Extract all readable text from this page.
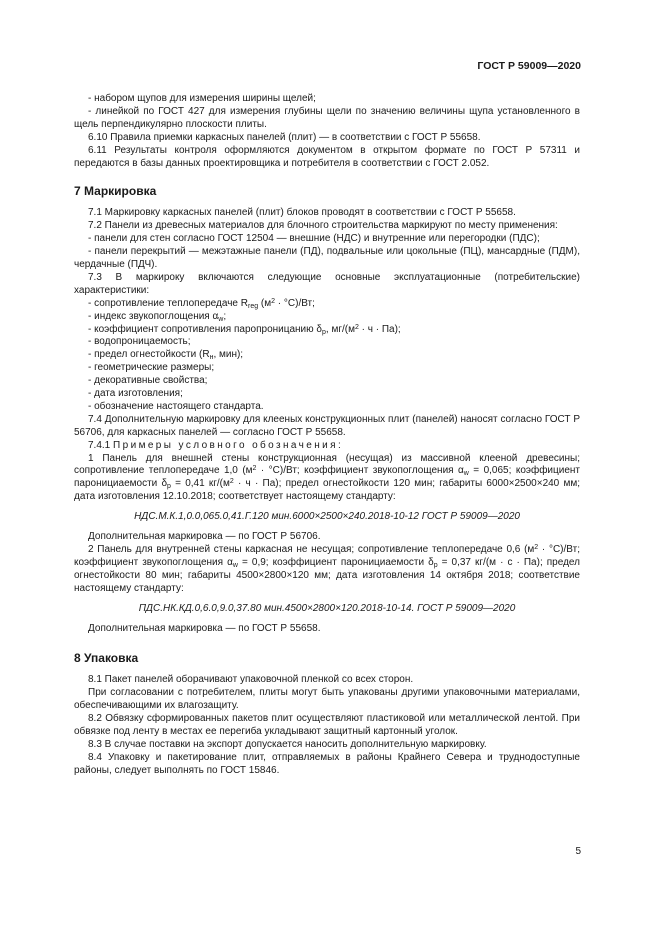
ГОСТ Р 59009—2020

- набором щупов для измерения ширины щелей;

- линейкой по ГОСТ 427 для измерения глубины щели по значению величины щупа установленного в щель перпендикулярно плоскости плиты.

6.10 Правила приемки каркасных панелей (плит) — в соответствии с ГОСТ Р 55658.

6.11 Результаты контроля оформляются документом в открытом формате по ГОСТ Р 57311 и передаются в базы данных проектировщика и потребителя в соответствии с ГОСТ 2.052.

7 Маркировка

7.1 Маркировку каркасных панелей (плит) блоков проводят в соответствии с ГОСТ Р 55658.

7.2 Панели из древесных материалов для блочного строительства маркируют по месту применения:

- панели для стен согласно ГОСТ 12504 — внешние (НДС) и внутренние или перегородки (ПДС);

- панели перекрытий — межэтажные панели (ПД), подвальные или цокольные (ПЦ), мансардные (ПДМ), чердачные (ПДЧ).

7.3 В маркироку включаются следующие основные эксплуатационные (потребительские) характеристики:

- сопротивление теплопередаче $R_{reg}$ $(м^2 \cdot ^\circ C)/Вт$;

- индекс звукопоглощения $\alpha_w$;

- коэффициент сопротивления паропроницанию $\delta_р$, $мг/(м^2 \cdot ч \cdot Па)$;

- водопроницаемость;

- предел огнестойкости ($R_н$, мин);

- геометрические размеры;

- декоративные свойства;

- дата изготовления;

- обозначение настоящего стандарта.

7.4 Дополнительную маркировку для клееных конструкционных плит (панелей) наносят согласно ГОСТ Р 56706, для каркасных панелей — согласно ГОСТ Р 55658.

7.4.1 Примеры условного обозначения:

1 Панель для внешней стены конструкционная (несущая) из массивной клееной древесины; сопротивление теплопередаче 1,0 $(м^2 \cdot ^\circ C)/Вт$; коэффициент звукопоглощения $\alpha_w = 0,065$; коэффициент паронициаемости $\delta_р = 0,41$ $кг/(м^2 \cdot ч \cdot Па)$; предел огнестойкости 120 мин; габариты 6000×2500×240 мм; дата изготовления 12.10.2018; соответствует настоящему стандарту:

НДС.М.К.1,0.0,065.0,41.Г.120 мин.6000×2500×240.2018-10-12 ГОСТ Р 59009—2020

Дополнительная маркировка — по ГОСТ Р 56706.

2 Панель для внутренней стены каркасная не несущая; сопротивление теплопередаче 0,6 $(м^2 \cdot ^\circ C)/Вт$; коэффициент звукопоглощения $\alpha_w = 0,9$; коэффициент паронициаемости $\delta_р = 0,37$ кг/(м · с · Па); предел огнестойкости 80 мин; габариты 4500×2800×120 мм; дата изготовления 14 октября 2018; соответствие настоящему стандарту:

ПДС.НК.КД.0,6.0,9.0,37.80 мин.4500×2800×120.2018-10-14. ГОСТ Р 59009—2020

Дополнительная маркировка — по ГОСТ Р 55658.

8 Упаковка

8.1 Пакет панелей оборачивают упаковочной пленкой со всех сторон.

При согласовании с потребителем, плиты могут быть упакованы другими упаковочными материалами, обеспечивающими их влагозащиту.

8.2 Обвязку сформированных пакетов плит осуществляют пластиковой или металлической лентой. При обвязке под ленту в местах ее перегиба укладывают защитный картонный уголок.

8.3 В случае поставки на экспорт допускается наносить дополнительную маркировку.

8.4 Упаковку и пакетирование плит, отправляемых в районы Крайнего Севера и труднодоступные районы, следует выполнять по ГОСТ 15846.

5
